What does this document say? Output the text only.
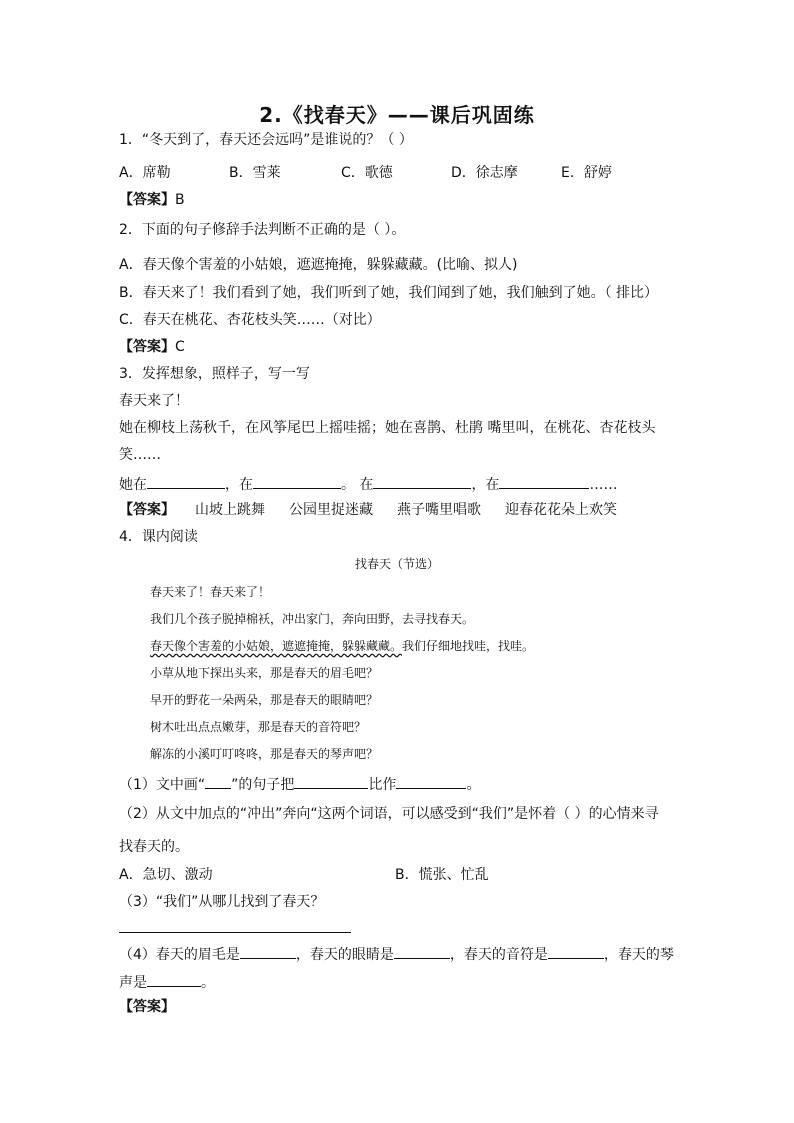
2.《找春天》——课后巩固练
1．“冬天到了，春天还会远吗”是谁说的？（ ）
A．席勒	B．雪莱	C．歌德	D．徐志摩	E．舒婷
【答案】B
2．下面的句子修辞手法判断不正确的是（ ）。
A．春天像个害羞的小姑娘，遮遮掩掩，躲躲藏藏。(比喻、拟人)
B．春天来了！我们看到了她，我们听到了她，我们闻到了她，我们触到了她。（ 排比）
C．春天在桃花、杏花枝头笑……（对比）
【答案】C
3．发挥想象，照样子，写一写
春天来了！
她在柳枝上荡秋千，在风筝尾巴上摇哇摇；她在喜鹊、杜鹃 嘴里叫，在桃花、杏花枝头
笑……
她在	，在	。 在	，在	……
【答案】 山坡上跳舞 公园里捉迷藏 燕子嘴里唱歌 迎春花花朵上欢笑
4．课内阅读
找春天（节选）
春天来了！春天来了！
我们几个孩子脱掉棉袄，冲出家门，奔向田野，去寻找春天。
春天像个害羞的小姑娘，遮遮掩掩，躲躲藏藏。我们仔细地找哇，找哇。
小草从地下探出头来，那是春天的眉毛吧？
早开的野花一朵两朵，那是春天的眼睛吧？
树木吐出点点嫩芽，那是春天的音符吧？
解冻的小溪叮叮咚咚，那是春天的琴声吧？
（1）文中画“ ”的句子把	比作	。
（2）从文中加点的“冲出”奔向“这两个词语，可以感受到“我们”是怀着（ ）的心情来寻
找春天的。
A．急切、激动	B．慌张、忙乱
（3）“我们”从哪儿找到了春天？
（4）春天的眉毛是	，春天的眼睛是	，春天的音符是	，春天的琴
声是	。
【答案】
